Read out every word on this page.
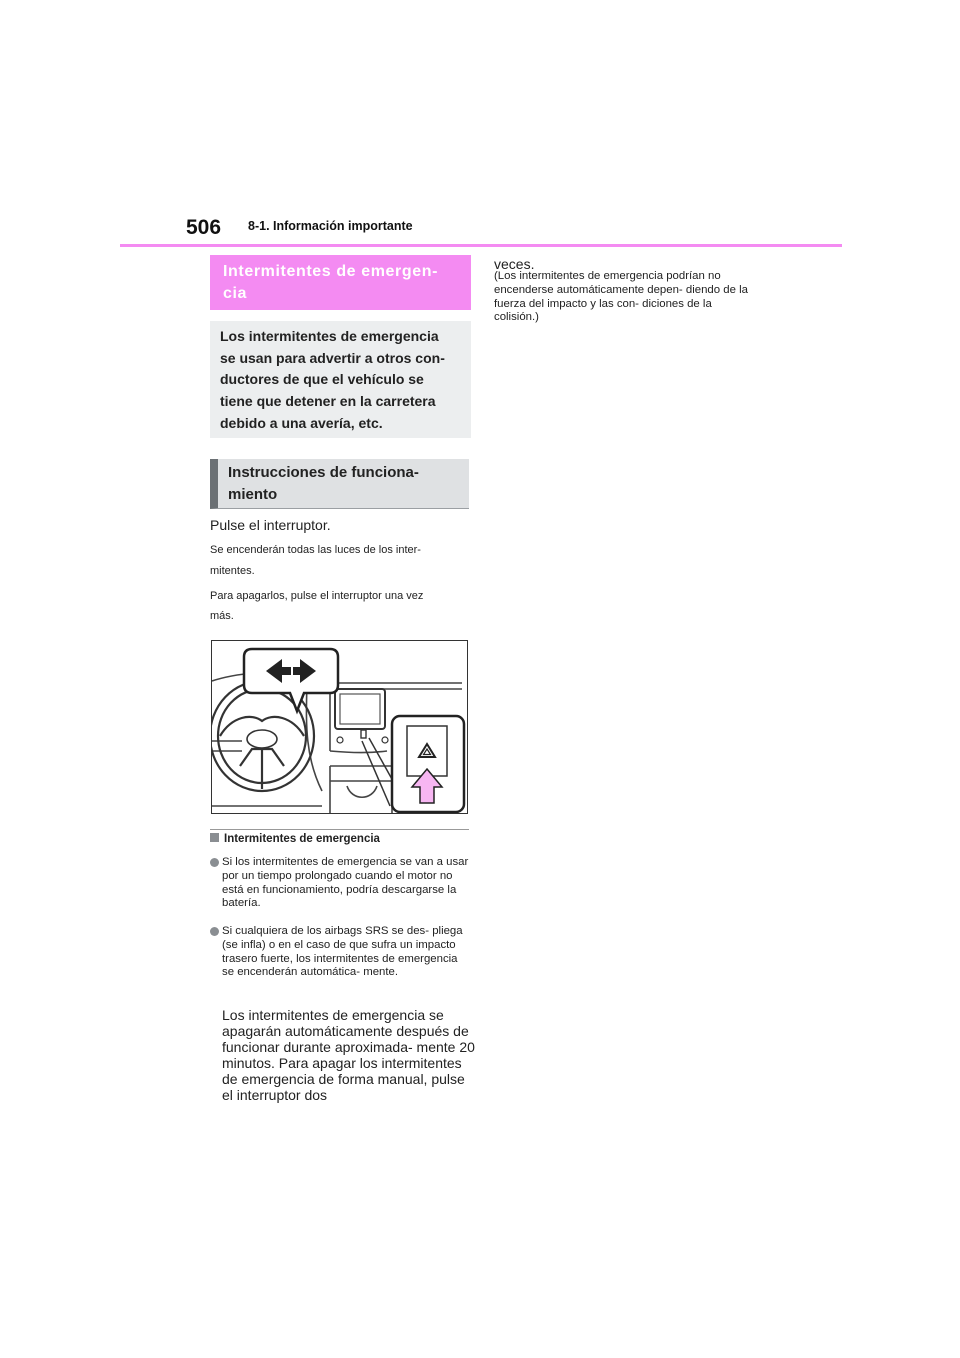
506 8-1. Información importante
Intermitentes de emergen-
cia
Los intermitentes de emergencia
se usan para advertir a otros con-
ductores de que el vehículo se
tiene que detener en la carretera
debido a una avería, etc.
Instrucciones de funciona-
miento
Pulse el interruptor.
Se encenderán todas las luces de los inter-
mitentes.
Para apagarlos, pulse el interruptor una vez
más.
Intermitentes de emergencia
Si los intermitentes de emergencia se van a usar por un tiempo prolongado cuando el motor no está en funcionamiento, podría descargarse la batería.
Si cualquiera de los airbags SRS se des- pliega (se infla) o en el caso de que sufra un impacto trasero fuerte, los intermitentes de emergencia se encenderán automática- mente.
Los intermitentes de emergencia se apagarán automáticamente después de funcionar durante aproximada- mente 20 minutos. Para apagar los intermitentes de emergencia de forma manual, pulse el interruptor dos
veces.
(Los intermitentes de emergencia podrían no encenderse automáticamente depen- diendo de la fuerza del impacto y las con- diciones de la colisión.)
